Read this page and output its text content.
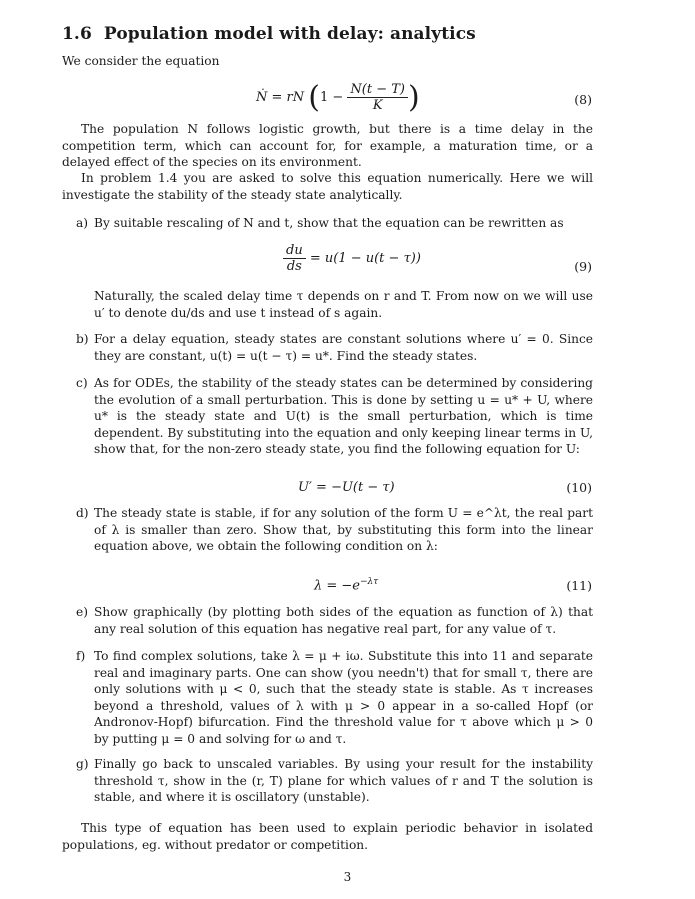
1.6 Population model with delay: analytics
We consider the equation
Ṅ = rN ($1 - \frac{N(t - T)}{K}$ )	(8)
The population N follows logistic growth, but there is a time delay in the competition term, which can account for, for example, a maturation time, or a delayed effect of the species on its environment.
In problem 1.4 you are asked to solve this equation numerically. Here we will investigate the stability of the steady state analytically.
a) By suitable rescaling of N and t, show that the equation can be rewritten as
$\frac{du}{ds} = u(1 - u(t - \tau))$
(9)
Naturally, the scaled delay time τ depends on r and T. From now on we will use u′ to denote du/ds and use t instead of s again.
b) For a delay equation, steady states are constant solutions where u′ = 0. Since they are constant, u(t) = u(t − τ) = u*. Find the steady states.
c) As for ODEs, the stability of the steady states can be determined by considering the evolution of a small perturbation. This is done by setting u = u* + U, where u* is the steady state and U(t) is the small perturbation, which is time dependent. By substituting into the equation and only keeping linear terms in U, show that, for the non-zero steady state, you find the following equation for U:
U′ = −U(t − τ)	(10)
d) The steady state is stable, if for any solution of the form U = e^λt, the real part of λ is smaller than zero. Show that, by substituting this form into the linear equation above, we obtain the following condition on λ:
$\lambda = -e^{-\lambda\tau}$	(11)
e) Show graphically (by plotting both sides of the equation as function of λ) that any real solution of this equation has negative real part, for any value of τ.
f) To find complex solutions, take λ = μ + iω. Substitute this into 11 and separate real and imaginary parts. One can show (you needn't) that for small τ, there are only solutions with μ < 0, such that the steady state is stable. As τ increases beyond a threshold, values of λ with μ > 0 appear in a so-called Hopf (or Andronov-Hopf) bifurcation. Find the threshold value for τ above which μ > 0 by putting μ = 0 and solving for ω and τ.
g) Finally go back to unscaled variables. By using your result for the instability threshold τ, show in the (r, T) plane for which values of r and T the solution is stable, and where it is oscillatory (unstable).
This type of equation has been used to explain periodic behavior in isolated populations, eg. without predator or competition.
3
